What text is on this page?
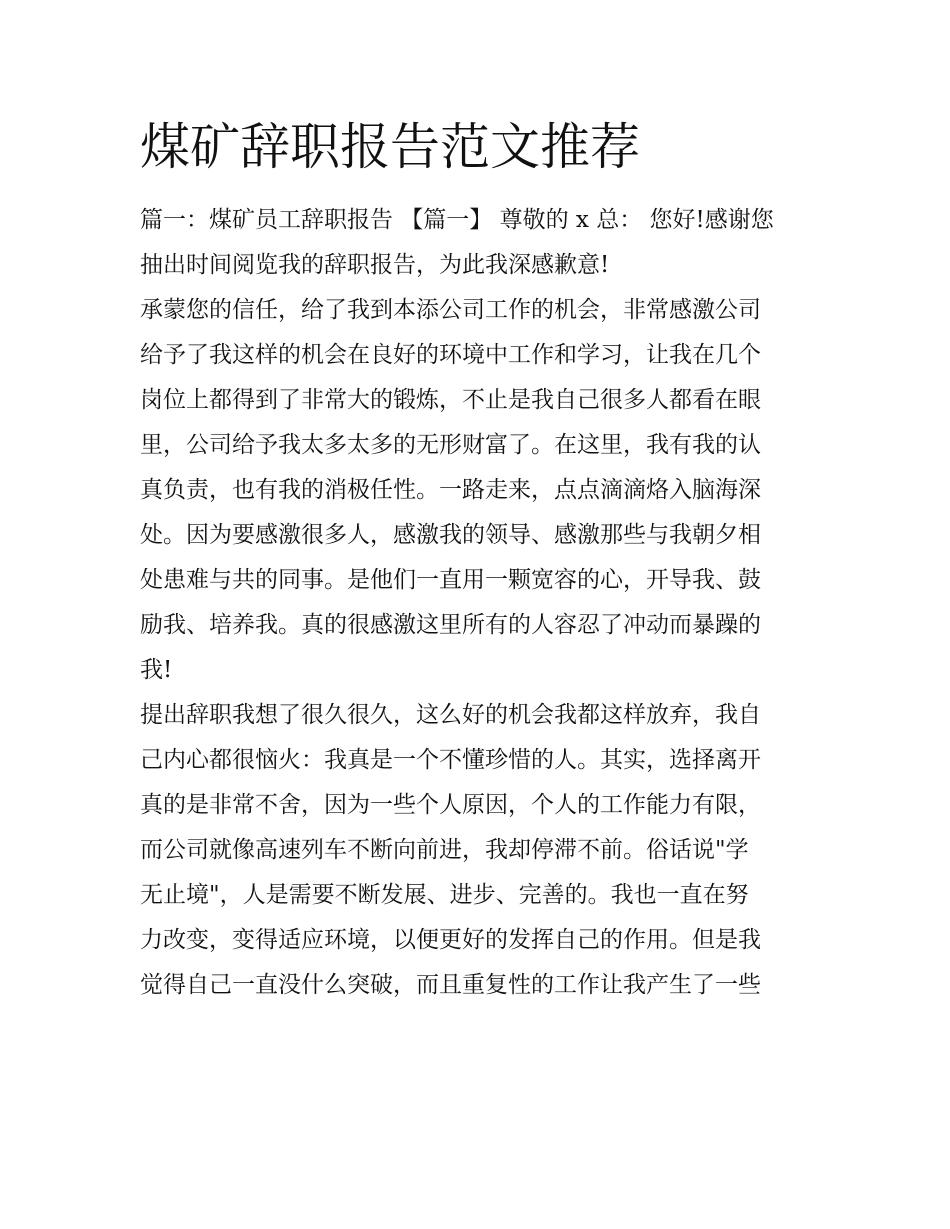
煤矿辞职报告范文推荐

篇一：煤矿员工辞职报告 【篇一】 尊敬的 x 总： 您好!感谢您
抽出时间阅览我的辞职报告，为此我深感歉意!

承蒙您的信任，给了我到本添公司工作的机会，非常感激公司
给予了我这样的机会在良好的环境中工作和学习，让我在几个
岗位上都得到了非常大的锻炼，不止是我自己很多人都看在眼
里，公司给予我太多太多的无形财富了。在这里，我有我的认
真负责，也有我的消极任性。一路走来，点点滴滴烙入脑海深
处。因为要感激很多人，感激我的领导、感激那些与我朝夕相
处患难与共的同事。是他们一直用一颗宽容的心，开导我、鼓
励我、培养我。真的很感激这里所有的人容忍了冲动而暴躁的
我!

提出辞职我想了很久很久，这么好的机会我都这样放弃，我自
己内心都很恼火：我真是一个不懂珍惜的人。其实，选择离开
真的是非常不舍，因为一些个人原因，个人的工作能力有限，
而公司就像高速列车不断向前进，我却停滞不前。俗话说"学
无止境"，人是需要不断发展、进步、完善的。我也一直在努
力改变，变得适应环境，以便更好的发挥自己的作用。但是我
觉得自己一直没什么突破，而且重复性的工作让我产生了一些
